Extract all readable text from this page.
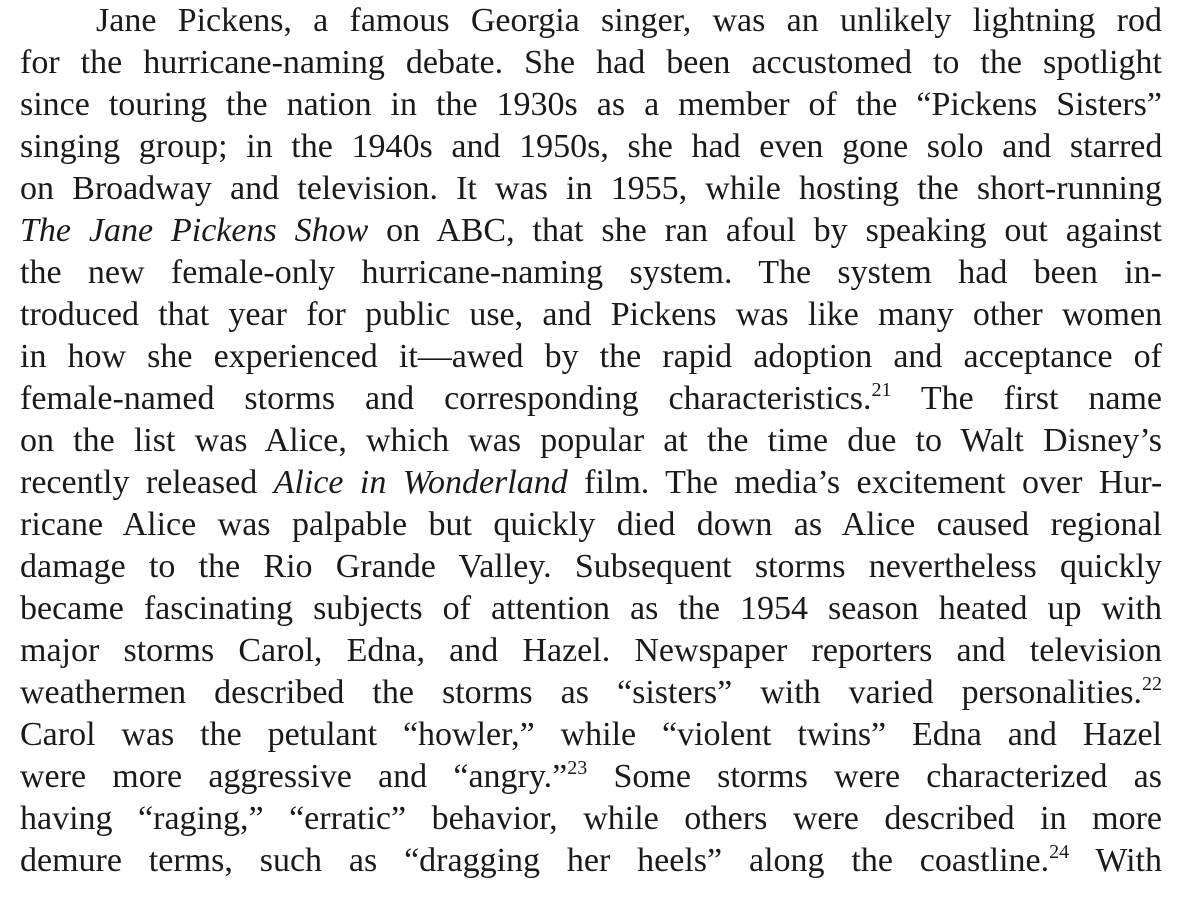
Jane Pickens, a famous Georgia singer, was an unlikely lightning rod
for the hurricane-naming debate. She had been accustomed to the spotlight
since touring the nation in the 1930s as a member of the “Pickens Sisters”
singing group; in the 1940s and 1950s, she had even gone solo and starred
on Broadway and television. It was in 1955, while hosting the short-running
The Jane Pickens Show on ABC, that she ran afoul by speaking out against
the new female-only hurricane-naming system. The system had been in-
troduced that year for public use, and Pickens was like many other women
in how she experienced it—awed by the rapid adoption and acceptance of
female-named storms and corresponding characteristics.$^{21}$ The first name
on the list was Alice, which was popular at the time due to Walt Disney’s
recently released Alice in Wonderland film. The media’s excitement over Hur-
ricane Alice was palpable but quickly died down as Alice caused regional
damage to the Rio Grande Valley. Subsequent storms nevertheless quickly
became fascinating subjects of attention as the 1954 season heated up with
major storms Carol, Edna, and Hazel. Newspaper reporters and television
weathermen described the storms as “sisters” with varied personalities.$^{22}$
Carol was the petulant “howler,” while “violent twins” Edna and Hazel
were more aggressive and “angry.”$^{23}$ Some storms were characterized as
having “raging,” “erratic” behavior, while others were described in more
demure terms, such as “dragging her heels” along the coastline.$^{24}$ With
